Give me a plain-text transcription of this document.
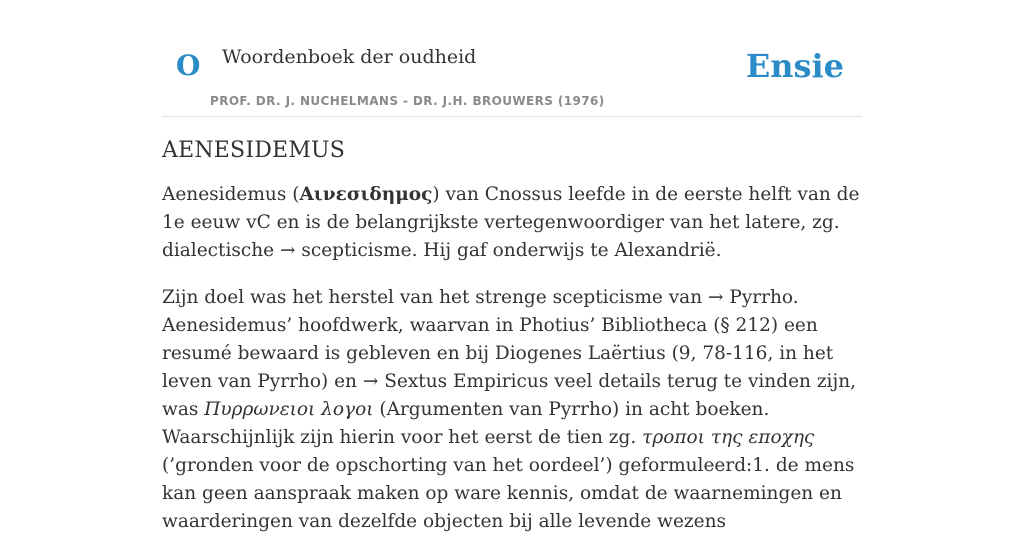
O Woordenboek der oudheid
PROF. DR. J. NUCHELMANS - DR. J.H. BROUWERS (1976)
Ensie
AENESIDEMUS

Aenesidemus (Αινεσιδημος) van Cnossus leefde in de eerste helft van de 1e eeuw vC en is de belangrijkste vertegenwoordiger van het latere, zg. dialectische → scepticisme. Hij gaf onderwijs te Alexandrië.

Zijn doel was het herstel van het strenge scepticisme van → Pyrrho. Aenesidemus’ hoofdwerk, waarvan in Photius’ Bibliotheca (§ 212) een resumé bewaard is gebleven en bij Diogenes Laërtius (9, 78-116, in het leven van Pyrrho) en → Sextus Empiricus veel details terug te vinden zijn, was Πυρρωνειοι λογοι (Argumenten van Pyrrho) in acht boeken. Waarschijnlijk zijn hierin voor het eerst de tien zg. τροποι της εποχης (’gronden voor de opschorting van het oordeel’) geformuleerd:1. de mens kan geen aanspraak maken op ware kennis, omdat de waarnemingen en waarderingen van dezelfde objecten bij alle levende wezens
